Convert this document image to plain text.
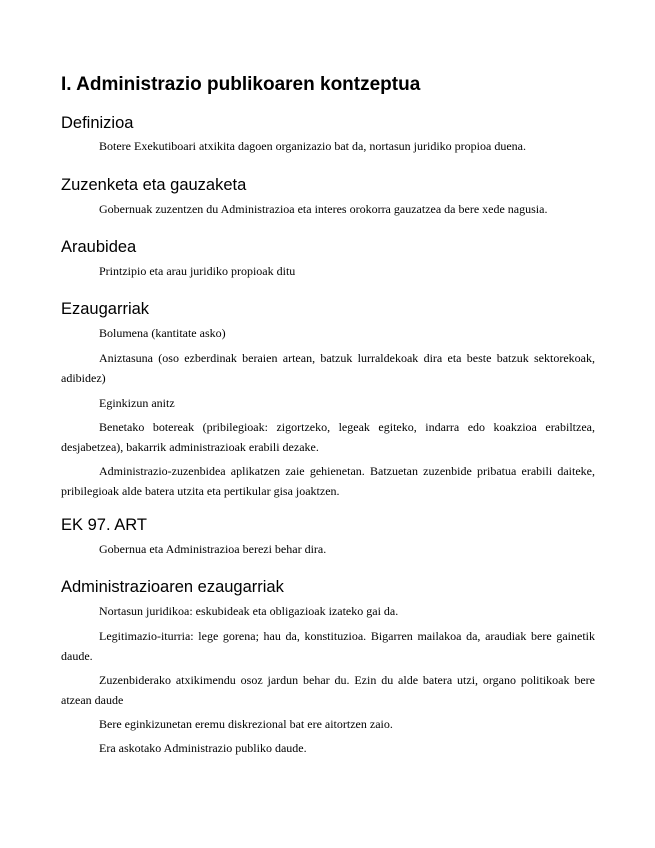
I. Administrazio publikoaren kontzeptua
Definizioa

Botere Exekutiboari atxikita dagoen organizazio bat da, nortasun juridiko propioa duena.

Zuzenketa eta gauzaketa

Gobernuak zuzentzen du Administrazioa eta interes orokorra gauzatzea da bere xede nagusia.

Araubidea

Printzipio eta arau juridiko propioak ditu

Ezaugarriak

Bolumena (kantitate asko)

Aniztasuna (oso ezberdinak beraien artean, batzuk lurraldekoak dira eta beste batzuk sektorekoak, adibidez)

Eginkizun anitz

Benetako botereak (pribilegioak: zigortzeko, legeak egiteko, indarra edo koakzioa erabiltzea, desjabetzea), bakarrik administrazioak erabili dezake.

Administrazio-zuzenbidea aplikatzen zaie gehienetan. Batzuetan zuzenbide pribatua erabili daiteke, pribilegioak alde batera utzita eta pertikular gisa joaktzen.

EK 97. ART

Gobernua eta Administrazioa berezi behar dira.

Administrazioaren ezaugarriak

Nortasun juridikoa: eskubideak eta obligazioak izateko gai da.

Legitimazio-iturria: lege gorena; hau da, konstituzioa. Bigarren mailakoa da, araudiak bere gainetik daude.

Zuzenbiderako atxikimendu osoz jardun behar du. Ezin du alde batera utzi, organo politikoak bere atzean daude

Bere eginkizunetan eremu diskrezional bat ere aitortzen zaio.

Era askotako Administrazio publiko daude.
